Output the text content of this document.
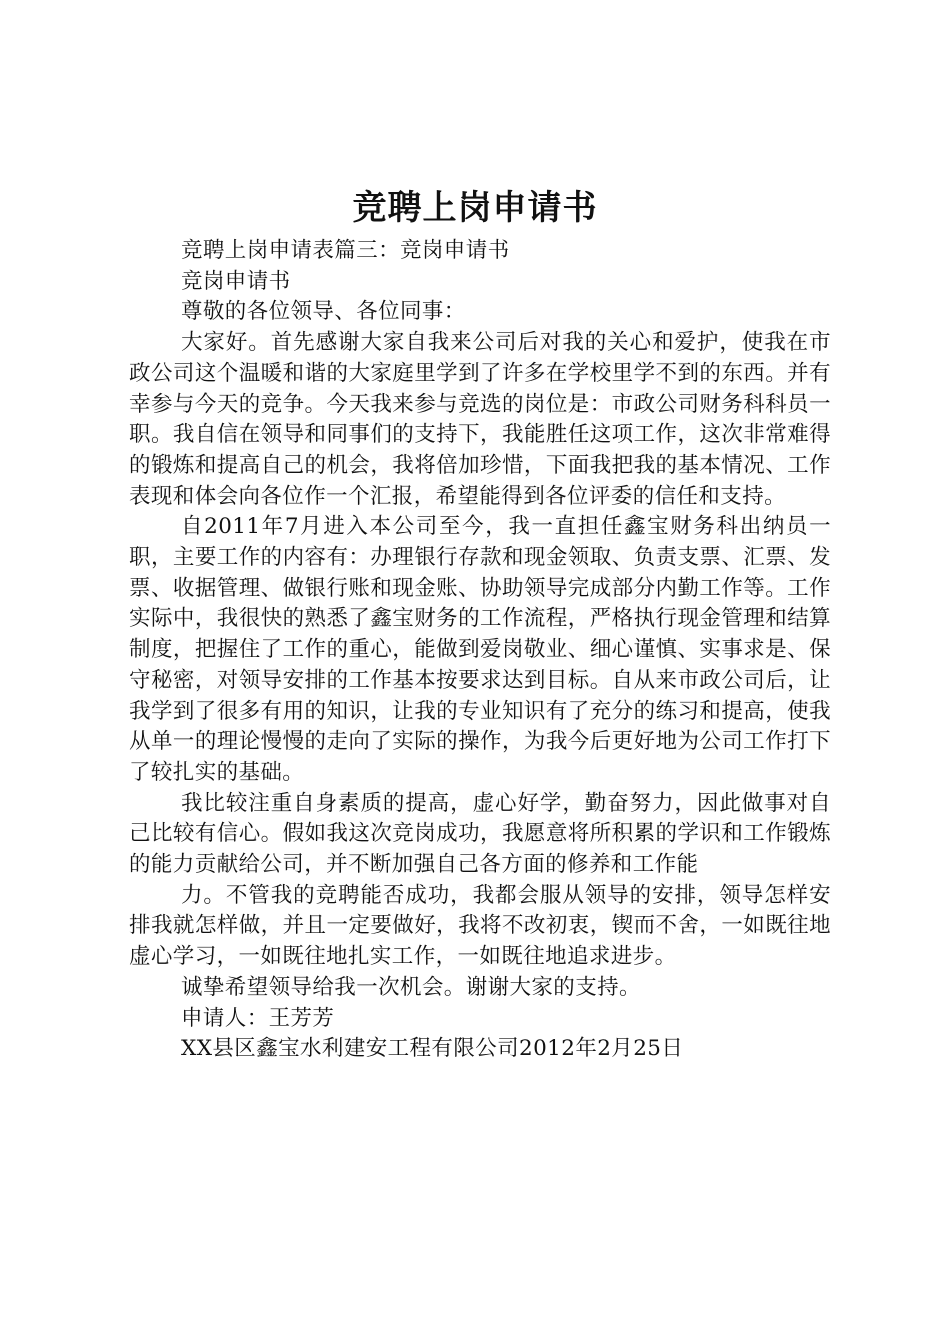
竞聘上岗申请书

竞聘上岗申请表篇三：竞岗申请书

竞岗申请书

尊敬的各位领导、各位同事：

大家好。首先感谢大家自我来公司后对我的关心和爱护，使我在市政公司这个温暖和谐的大家庭里学到了许多在学校里学不到的东西。并有幸参与今天的竞争。今天我来参与竞选的岗位是：市政公司财务科科员一职。我自信在领导和同事们的支持下，我能胜任这项工作，这次非常难得的锻炼和提高自己的机会，我将倍加珍惜，下面我把我的基本情况、工作表现和体会向各位作一个汇报，希望能得到各位评委的信任和支持。

自2011年7月进入本公司至今，我一直担任鑫宝财务科出纳员一职，主要工作的内容有：办理银行存款和现金领取、负责支票、汇票、发票、收据管理、做银行账和现金账、协助领导完成部分内勤工作等。工作实际中，我很快的熟悉了鑫宝财务的工作流程，严格执行现金管理和结算制度，把握住了工作的重心，能做到爱岗敬业、细心谨慎、实事求是、保守秘密，对领导安排的工作基本按要求达到目标。自从来市政公司后，让我学到了很多有用的知识，让我的专业知识有了充分的练习和提高，使我从单一的理论慢慢的走向了实际的操作，为我今后更好地为公司工作打下了较扎实的基础。

我比较注重自身素质的提高，虚心好学，勤奋努力，因此做事对自己比较有信心。假如我这次竞岗成功，我愿意将所积累的学识和工作锻炼的能力贡献给公司，并不断加强自己各方面的修养和工作能

力。不管我的竞聘能否成功，我都会服从领导的安排，领导怎样安排我就怎样做，并且一定要做好，我将不改初衷，锲而不舍，一如既往地虚心学习，一如既往地扎实工作，一如既往地追求进步。

诚挚希望领导给我一次机会。谢谢大家的支持。

申请人：王芳芳

XX县区鑫宝水利建安工程有限公司2012年2月25日
